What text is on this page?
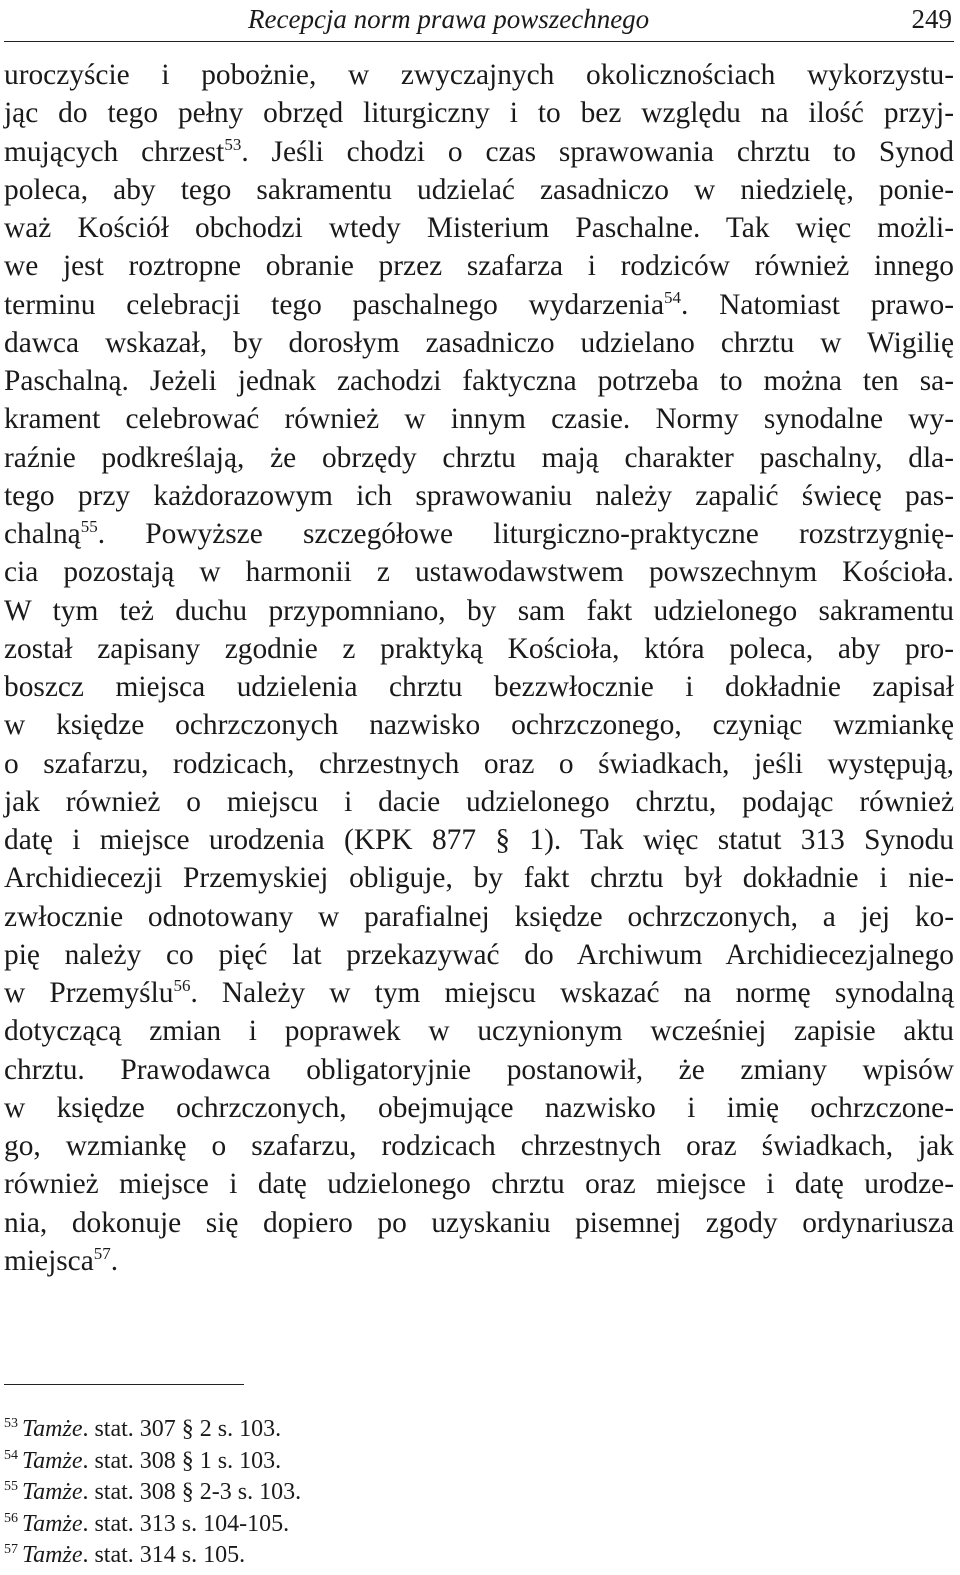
Recepcja norm prawa powszechnego	249
uroczyście i pobożnie, w zwyczajnych okolicznościach wykorzystu-
jąc do tego pełny obrzęd liturgiczny i to bez względu na ilość przyj-
mujących chrzest$^{53}$. Jeśli chodzi o czas sprawowania chrztu to Synod
poleca, aby tego sakramentu udzielać zasadniczo w niedzielę, ponie-
waż Kościół obchodzi wtedy Misterium Paschalne. Tak więc możli-
we jest roztropne obranie przez szafarza i rodziców również innego
terminu celebracji tego paschalnego wydarzenia$^{54}$. Natomiast prawo-
dawca wskazał, by dorosłym zasadniczo udzielano chrztu w Wigilię
Paschalną. Jeżeli jednak zachodzi faktyczna potrzeba to można ten sa-
krament celebrować również w innym czasie. Normy synodalne wy-
raźnie podkreślają, że obrzędy chrztu mają charakter paschalny, dla-
tego przy każdorazowym ich sprawowaniu należy zapalić świecę pas-
chalną$^{55}$. Powyższe szczegółowe liturgiczno-praktyczne rozstrzygnię-
cia pozostają w harmonii z ustawodawstwem powszechnym Kościoła.
W tym też duchu przypomniano, by sam fakt udzielonego sakramentu
został zapisany zgodnie z praktyką Kościoła, która poleca, aby pro-
boszcz miejsca udzielenia chrztu bezzwłocznie i dokładnie zapisał
w księdze ochrzczonych nazwisko ochrzczonego, czyniąc wzmiankę
o szafarzu, rodzicach, chrzestnych oraz o świadkach, jeśli występują,
jak również o miejscu i dacie udzielonego chrztu, podając również
datę i miejsce urodzenia (KPK 877 § 1). Tak więc statut 313 Synodu
Archidiecezji Przemyskiej obliguje, by fakt chrztu był dokładnie i nie-
zwłocznie odnotowany w parafialnej księdze ochrzczonych, a jej ko-
pię należy co pięć lat przekazywać do Archiwum Archidiecezjalnego
w Przemyślu$^{56}$. Należy w tym miejscu wskazać na normę synodalną
dotyczącą zmian i poprawek w uczynionym wcześniej zapisie aktu
chrztu. Prawodawca obligatoryjnie postanowił, że zmiany wpisów
w księdze ochrzczonych, obejmujące nazwisko i imię ochrzczone-
go, wzmiankę o szafarzu, rodzicach chrzestnych oraz świadkach, jak
również miejsce i datę udzielonego chrztu oraz miejsce i datę urodze-
nia, dokonuje się dopiero po uzyskaniu pisemnej zgody ordynariusza
miejsca$^{57}$.
$^{53}$ Tamże. stat. 307 § 2 s. 103.
$^{54}$ Tamże. stat. 308 § 1 s. 103.
$^{55}$ Tamże. stat. 308 § 2-3 s. 103.
$^{56}$ Tamże. stat. 313 s. 104-105.
$^{57}$ Tamże. stat. 314 s. 105.
